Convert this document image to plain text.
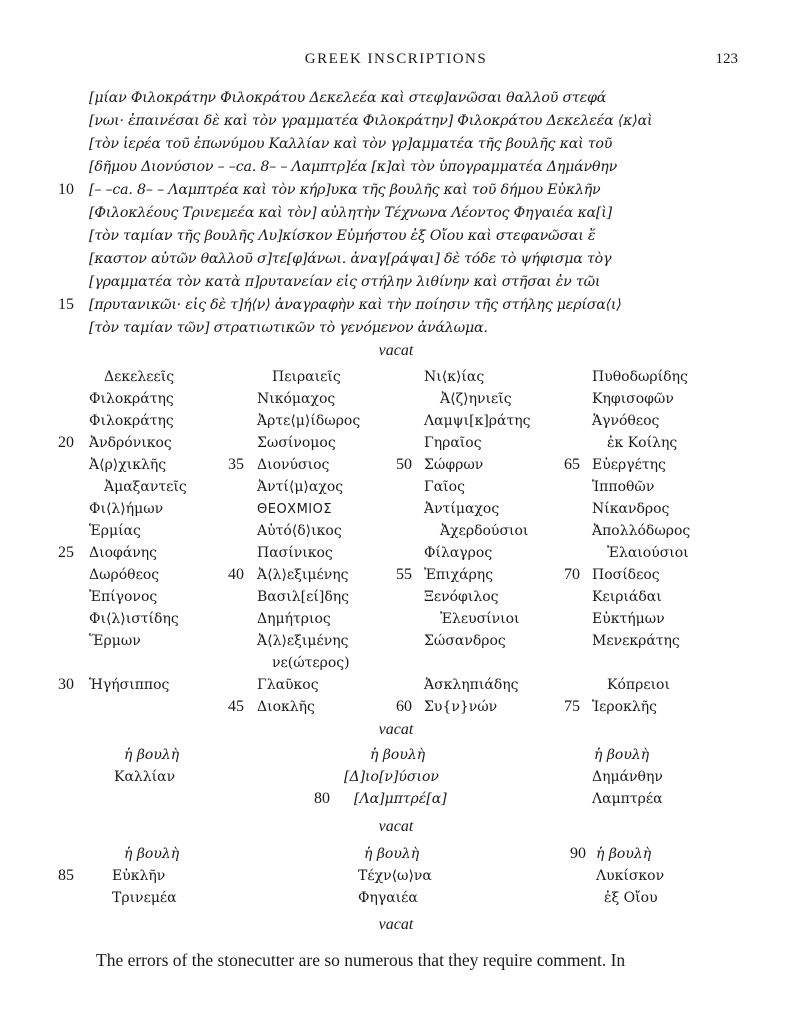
GREEK INSCRIPTIONS	123
[μίαν Φιλοκράτην Φιλοκράτου Δεκελεέα καὶ στεφ]ανῶσαι θαλλοῦ στεφά
[νωι· ἐπαινέσαι δὲ καὶ τὸν γραμματέα Φιλοκράτην] Φιλοκράτου Δεκελεέα ⟨κ⟩αὶ
[τὸν ἱερέα τοῦ ἐπωνύμου Καλλίαν καὶ τὸν γρ]αμματέα τῆς βουλῆς καὶ τοῦ
[δῆμου Διονύσιον – –ca. 8– – Λαμπτρ]έα [κ]αὶ τὸν ὑπογραμματέα Δημάνθην
[– –ca. 8– – Λαμπτρέα καὶ τὸν κήρ]υκα τῆς βουλῆς καὶ τοῦ δήμου Εὐκλῆν
[Φιλοκλέους Τρινεμεέα καὶ τὸν] αὐλητὴν Τέχνωνα Λέοντος Φηγαιέα κα[ὶ]
[τὸν ταμίαν τῆς βουλῆς Λυ]κίσκον Εὐμήστου ἐξ Οἴου καὶ στεφανῶσαι ἕ
[καστον αὐτῶν θαλλοῦ σ]τε[φ]άνωι. ἀναγ[ράψαι] δὲ τόδε τὸ ψήφισμα τὸγ
[γραμματέα τὸν κατὰ π]ρυτανείαν εἰς στήλην λιθίνην καὶ στῆσαι ἐν τῶι
[πρυτανικῶι· εἰς δὲ τ]ή⟨ν⟩ ἀναγραφὴν καὶ τὴν ποίησιν τῆς στήλης μερίσα⟨ι⟩
[τὸν ταμίαν τῶν] στρατιωτικῶν τὸ γενόμενον ἀνάλωμα.
10
15
vacat
Δεκελεεῖς
Φιλοκράτης
Φιλοκράτης
Ἀνδρόνικος
Ἀ⟨ρ⟩χικλῆς
Ἀμαξαντεῖς
Φι⟨λ⟩ήμων
Ἑρμίας
Διοφάνης
Δωρόθεος
Ἐπίγονος
Φι⟨λ⟩ιστίδης
Ἕρμων
Ἡγήσιππος
Πειραιεῖς
Νικόμαχος
Ἀρτε⟨μ⟩ίδωρος
Σωσίνομος
Διονύσιος
Ἀντί⟨μ⟩αχος
ΘΕΟΧΜΙΟΣ
Αὐτό⟨δ⟩ικος
Πασίνικος
Ἀ⟨λ⟩εξιμένης
Βασιλ[εί]δης
Δημήτριος
Ἀ⟨λ⟩εξιμένης
νε(ώτερος)
Γλαῦκος
Διοκλῆς
Νι⟨κ⟩ίας
Ἀ⟨ζ⟩ηνιεῖς
Λαμψι[κ]ράτης
Γηραῖος
Σώφρων
Γαῖος
Ἀντίμαχος
Ἀχερδούσιοι
Φίλαγρος
Ἐπιχάρης
Ξενόφιλος
Ἐλευσίνιοι
Σώσανδρος
Ἀσκληπιάδης
Συ{ν}νών
Πυθοδωρίδης
Κηφισοφῶν
Ἁγνόθεος
ἐκ Κοίλης
Εὐεργέτης
Ἱπποθῶν
Νίκανδρος
Ἀπολλόδωρος
Ἐλαιούσιοι
Ποσίδεος
Κειριάδαι
Εὐκτήμων
Μενεκράτης
Κόπρειοι
Ἱεροκλῆς
20
25
30
35
40
45
50
55
60
65
70
75
vacat
ἡ βουλὴ
Καλλίαν
ἡ βουλὴ
[Δ]ιο[ν]ύσιον
[Λα]μπτρέ[α]
80
ἡ βουλὴ
Δημάνθην
Λαμπτρέα
vacat
ἡ βουλὴ
Εὐκλῆν
Τρινεμέα
85
ἡ βουλὴ
Τέχν⟨ω⟩να
Φηγαιέα
90 ἡ βουλὴ
Λυκίσκον
ἐξ Οἴου
vacat
The errors of the stonecutter are so numerous that they require comment. In
